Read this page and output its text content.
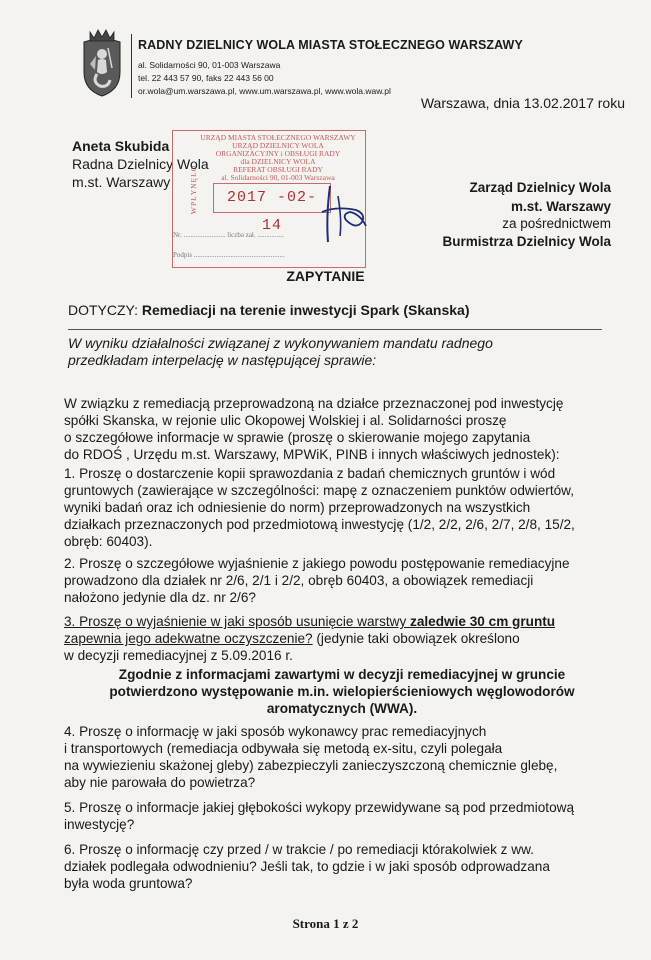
RADNY DZIELNICY WOLA MIASTA STOŁECZNEGO WARSZAWY
al. Solidarności 90, 01-003 Warszawa
tel. 22 443 57 90, faks 22 443 56 00
or.wola@um.warszawa.pl, www.um.warszawa.pl, www.wola.waw.pl
Warszawa, dnia 13.02.2017 roku
Aneta Skubida
Radna Dzielnicy Wola
m.st. Warszawy
URZĄD MIASTA STOŁECZNEGO WARSZAWY
URZĄD DZIELNICY WOLA
ORGANIZACYJNY i OBSŁUGI RADY
dla DZIELNICY WOLA
REFERAT OBSŁUGI RADY
al. Solidarności 90, 01-003 Warszawa
WPŁYNĘŁO	2017 -02- 14
Nr. ........................ liczba zał. ...............
Podpis ....................................................
Zarząd Dzielnicy Wola
m.st. Warszawy
za pośrednictwem
Burmistrza Dzielnicy Wola
ZAPYTANIE
DOTYCZY: Remediacji na terenie inwestycji Spark (Skanska)
W wyniku działalności związanej z wykonywaniem mandatu radnego
przedkładam interpelację w następującej sprawie:
W związku z remediacją przeprowadzoną na działce przeznaczonej pod inwestycję
spółki Skanska, w rejonie ulic Okopowej Wolskiej i al. Solidarności proszę
o szczegółowe informacje w sprawie (proszę o skierowanie mojego zapytania
do RDOŚ , Urzędu m.st. Warszawy, MPWiK, PINB i innych właściwych jednostek):
1. Proszę o dostarczenie kopii sprawozdania z badań chemicznych gruntów i wód
gruntowych (zawierające w szczególności: mapę z oznaczeniem punktów odwiertów,
wyniki badań oraz ich odniesienie do norm) przeprowadzonych na wszystkich
działkach przeznaczonych pod przedmiotową inwestycję (1/2, 2/2, 2/6, 2/7, 2/8, 15/2,
obręb: 60403).
2. Proszę o szczegółowe wyjaśnienie z jakiego powodu postępowanie remediacyjne
prowadzono dla działek nr 2/6, 2/1 i 2/2, obręb 60403, a obowiązek remediacji
nałożono jedynie dla dz. nr 2/6?
3. Proszę o wyjaśnienie w jaki sposób usunięcie warstwy zaledwie 30 cm gruntu
zapewnia jego adekwatne oczyszczenie? (jedynie taki obowiązek określono
w decyzji remediacyjnej z 5.09.2016 r.
Zgodnie z informacjami zawartymi w decyzji remediacyjnej w gruncie
potwierdzono występowanie m.in. wielopierścieniowych węglowodorów
aromatycznych (WWA).
4. Proszę o informację w jaki sposób wykonawcy prac remediacyjnych
i transportowych (remediacja odbywała się metodą ex-situ, czyli polegała
na wywiezieniu skażonej gleby) zabezpieczyli zanieczyszczoną chemicznie glebę,
aby nie parowała do powietrza?
5. Proszę o informacje jakiej głębokości wykopy przewidywane są pod przedmiotową
inwestycję?
6. Proszę o informację czy przed / w trakcie / po remediacji którakolwiek z ww.
działek podlegała odwodnieniu? Jeśli tak, to gdzie i w jaki sposób odprowadzana
była woda gruntowa?
Strona 1 z 2
